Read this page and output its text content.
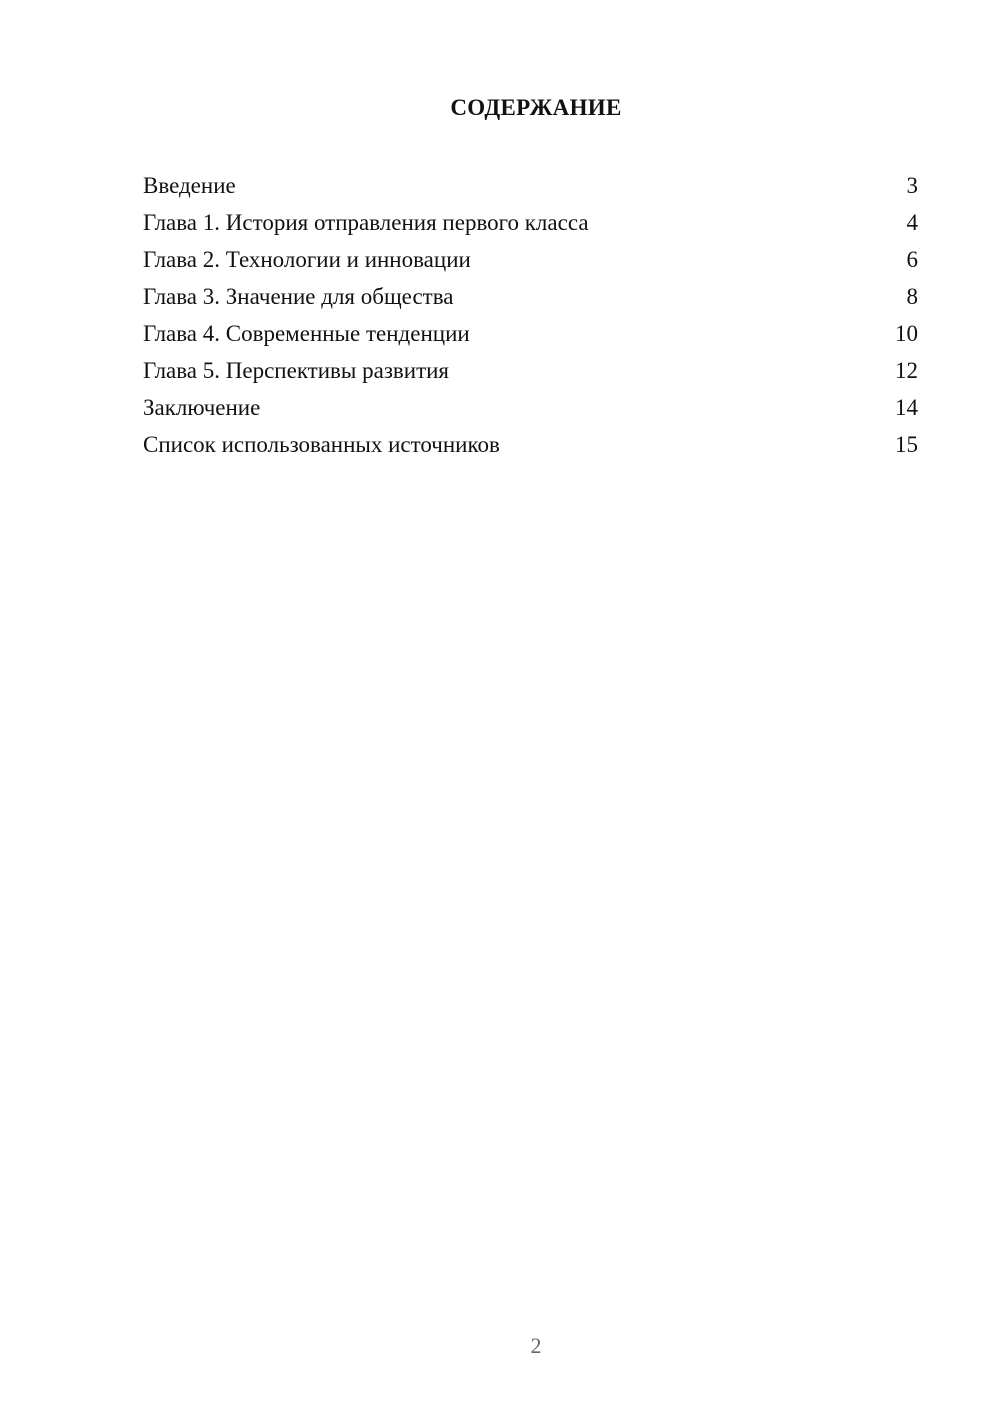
СОДЕРЖАНИЕ
Введение	3
Глава 1. История отправления первого класса	4
Глава 2. Технологии и инновации	6
Глава 3. Значение для общества	8
Глава 4. Современные тенденции	10
Глава 5. Перспективы развития	12
Заключение	14
Список использованных источников	15
2
